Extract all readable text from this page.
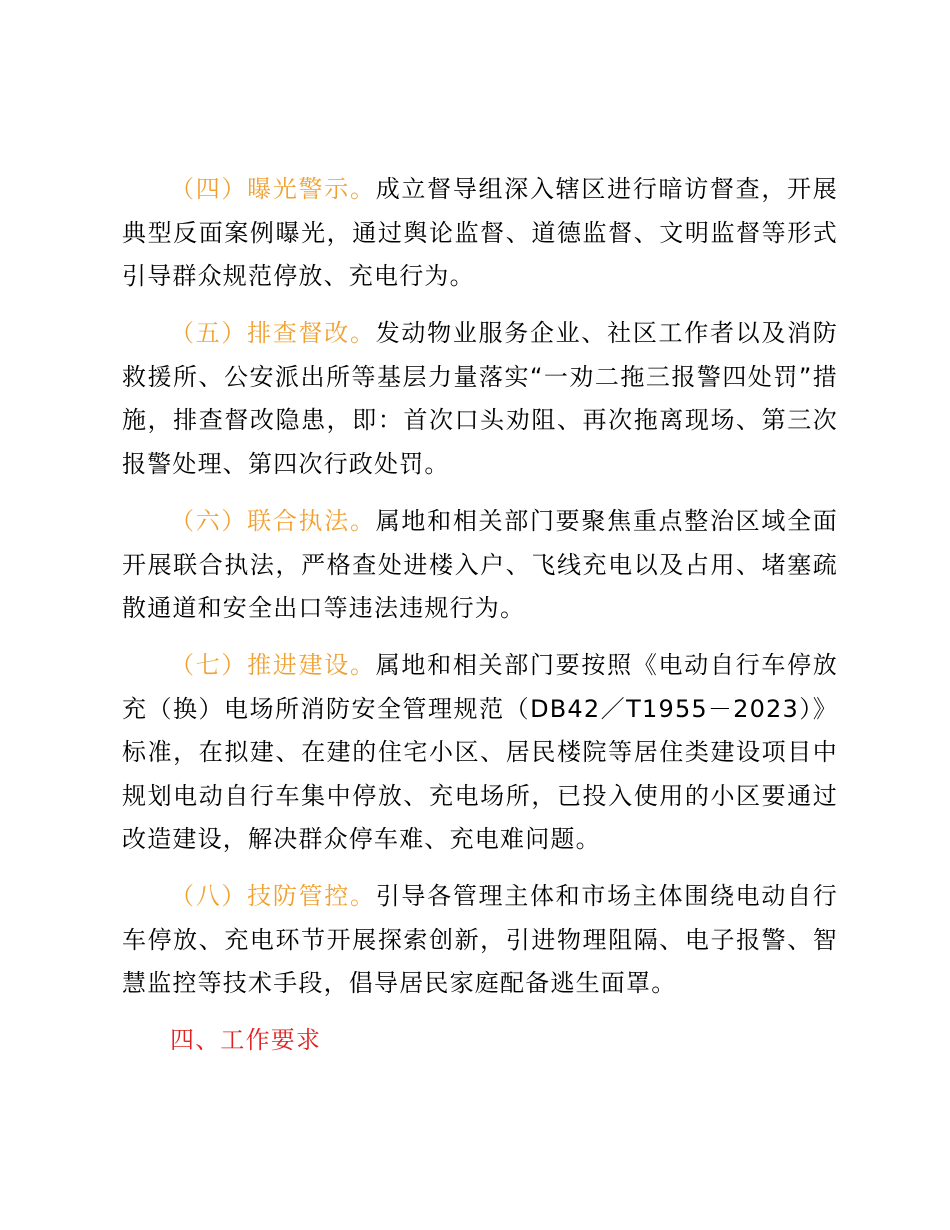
（四）曝光警示。成立督导组深入辖区进行暗访督查，开展典型反面案例曝光，通过舆论监督、道德监督、文明监督等形式引导群众规范停放、充电行为。

（五）排查督改。发动物业服务企业、社区工作者以及消防救援所、公安派出所等基层力量落实“一劝二拖三报警四处罚”措施，排查督改隐患，即：首次口头劝阻、再次拖离现场、第三次报警处理、第四次行政处罚。

（六）联合执法。属地和相关部门要聚焦重点整治区域全面开展联合执法，严格查处进楼入户、飞线充电以及占用、堵塞疏散通道和安全出口等违法违规行为。

（七）推进建设。属地和相关部门要按照《电动自行车停放充（换）电场所消防安全管理规范（DB42／T1955－2023）》标准，在拟建、在建的住宅小区、居民楼院等居住类建设项目中规划电动自行车集中停放、充电场所，已投入使用的小区要通过改造建设，解决群众停车难、充电难问题。

（八）技防管控。引导各管理主体和市场主体围绕电动自行车停放、充电环节开展探索创新，引进物理阻隔、电子报警、智慧监控等技术手段，倡导居民家庭配备逃生面罩。

四、工作要求
